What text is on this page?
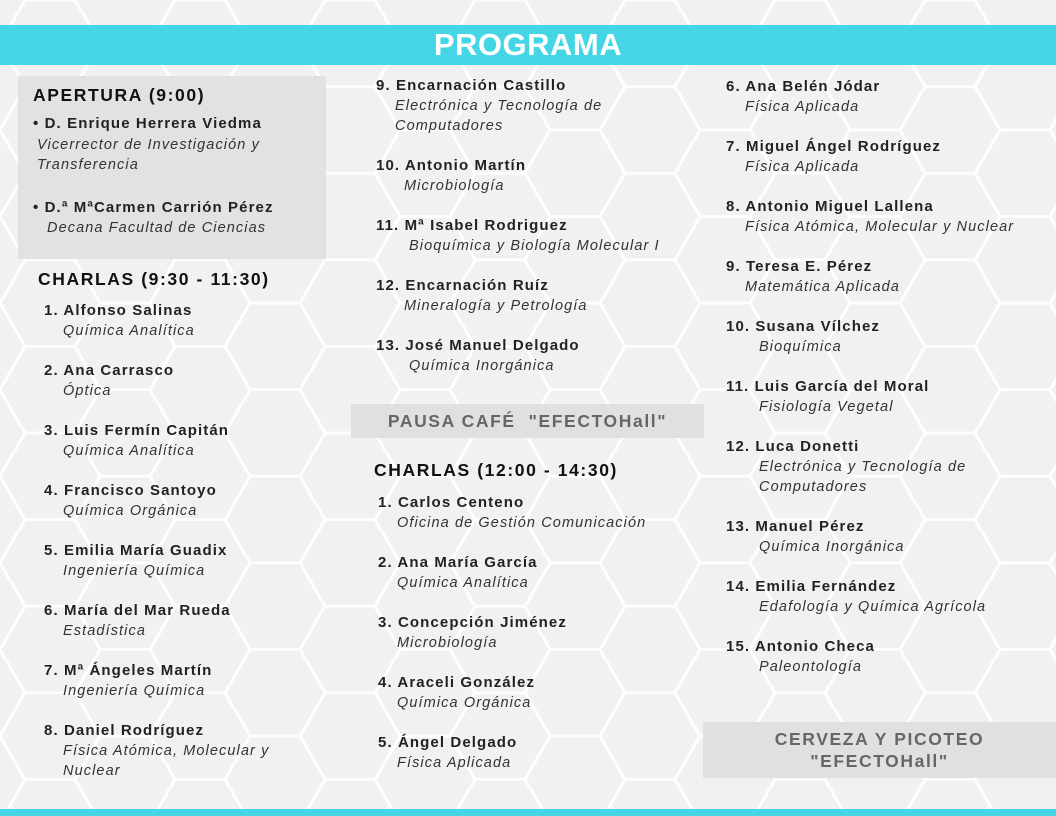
PROGRAMA
APERTURA (9:00)
• D. Enrique Herrera Viedma
Vicerrector de Investigación y
Transferencia
• D.ª MªCarmen Carrión Pérez
Decana Facultad de Ciencias
CHARLAS (9:30 - 11:30)
1. Alfonso Salinas
Química Analítica
2. Ana Carrasco
Óptica
3. Luis Fermín Capitán
Química Analítica
4. Francisco Santoyo
Química Orgánica
5. Emilia María Guadix
Ingeniería Química
6. María del Mar Rueda
Estadística
7. Mª Ángeles Martín
Ingeniería Química
8. Daniel Rodríguez
Física Atómica, Molecular y
Nuclear
9. Encarnación Castillo
Electrónica y Tecnología de
Computadores
10. Antonio Martín
Microbiología
11. Mª Isabel Rodriguez
Bioquímica y Biología Molecular I
12. Encarnación Ruíz
Mineralogía y Petrología
13. José Manuel Delgado
Química Inorgánica
PAUSA CAFÉ  "EFECTOHall"
CHARLAS (12:00 - 14:30)
1. Carlos Centeno
Oficina de Gestión Comunicación
2. Ana María García
Química Analítica
3. Concepción Jiménez
Microbiología
4. Araceli González
Química Orgánica
5. Ángel Delgado
Física Aplicada
6. Ana Belén Jódar
Física Aplicada
7. Miguel Ángel Rodríguez
Física Aplicada
8. Antonio Miguel Lallena
Física Atómica, Molecular y Nuclear
9. Teresa E. Pérez
Matemática Aplicada
10. Susana Vílchez
Bioquímica
11. Luis García del Moral
Fisiología Vegetal
12. Luca Donetti
Electrónica y Tecnología de
Computadores
13. Manuel Pérez
Química Inorgánica
14. Emilia Fernández
Edafología y Química Agrícola
15. Antonio Checa
Paleontología
CERVEZA Y PICOTEO
"EFECTOHall"
